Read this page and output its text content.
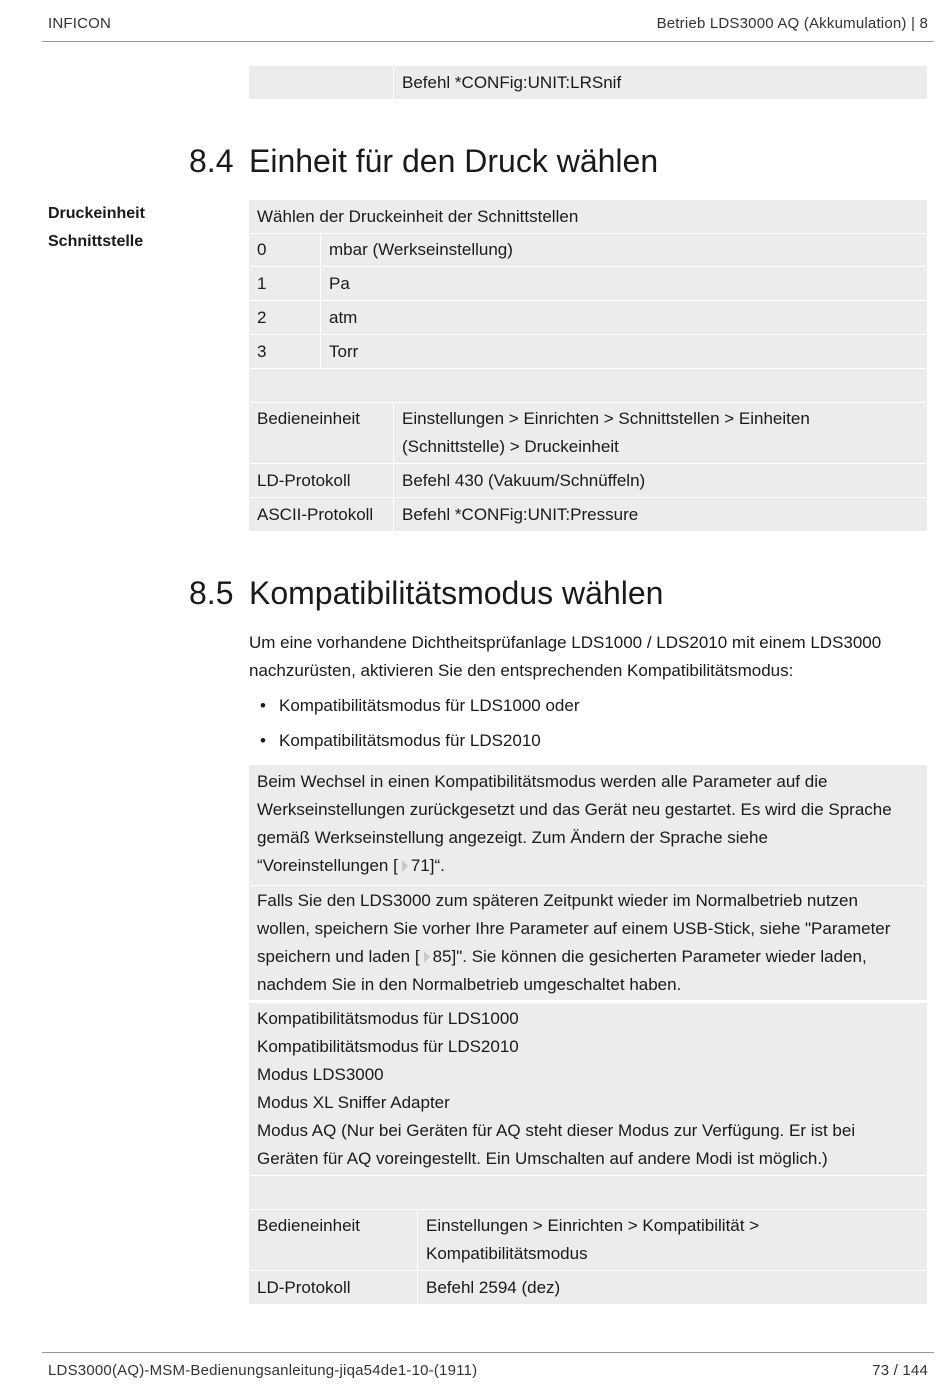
INFICON	Betrieb LDS3000 AQ (Akkumulation) | 8
Befehl *CONFig:UNIT:LRSnif
8.4 Einheit für den Druck wählen
Druckeinheit
Schnittstelle
Wählen der Druckeinheit der Schnittstellen
0	mbar (Werkseinstellung)
1	Pa
2	atm
3	Torr
Bedieneinheit	Einstellungen > Einrichten > Schnittstellen > Einheiten
(Schnittstelle) > Druckeinheit
LD-Protokoll	Befehl 430 (Vakuum/Schnüffeln)
ASCII-Protokoll	Befehl *CONFig:UNIT:Pressure
8.5 Kompatibilitätsmodus wählen
Um eine vorhandene Dichtheitsprüfanlage LDS1000 / LDS2010 mit einem LDS3000
nachzurüsten, aktivieren Sie den entsprechenden Kompatibilitätsmodus:
• Kompatibilitätsmodus für LDS1000 oder
• Kompatibilitätsmodus für LDS2010
Beim Wechsel in einen Kompatibilitätsmodus werden alle Parameter auf die
Werkseinstellungen zurückgesetzt und das Gerät neu gestartet. Es wird die Sprache
gemäß Werkseinstellung angezeigt. Zum Ändern der Sprache siehe
“Voreinstellungen [ 71]“.
Falls Sie den LDS3000 zum späteren Zeitpunkt wieder im Normalbetrieb nutzen
wollen, speichern Sie vorher Ihre Parameter auf einem USB-Stick, siehe "Parameter
speichern und laden [ 85]". Sie können die gesicherten Parameter wieder laden,
nachdem Sie in den Normalbetrieb umgeschaltet haben.
Kompatibilitätsmodus für LDS1000
Kompatibilitätsmodus für LDS2010
Modus LDS3000
Modus XL Sniffer Adapter
Modus AQ (Nur bei Geräten für AQ steht dieser Modus zur Verfügung. Er ist bei
Geräten für AQ voreingestellt. Ein Umschalten auf andere Modi ist möglich.)
Bedieneinheit	Einstellungen > Einrichten > Kompatibilität >
Kompatibilitätsmodus
LD-Protokoll	Befehl 2594 (dez)
LDS3000(AQ)-MSM-Bedienungsanleitung-jiqa54de1-10-(1911)	73 / 144
